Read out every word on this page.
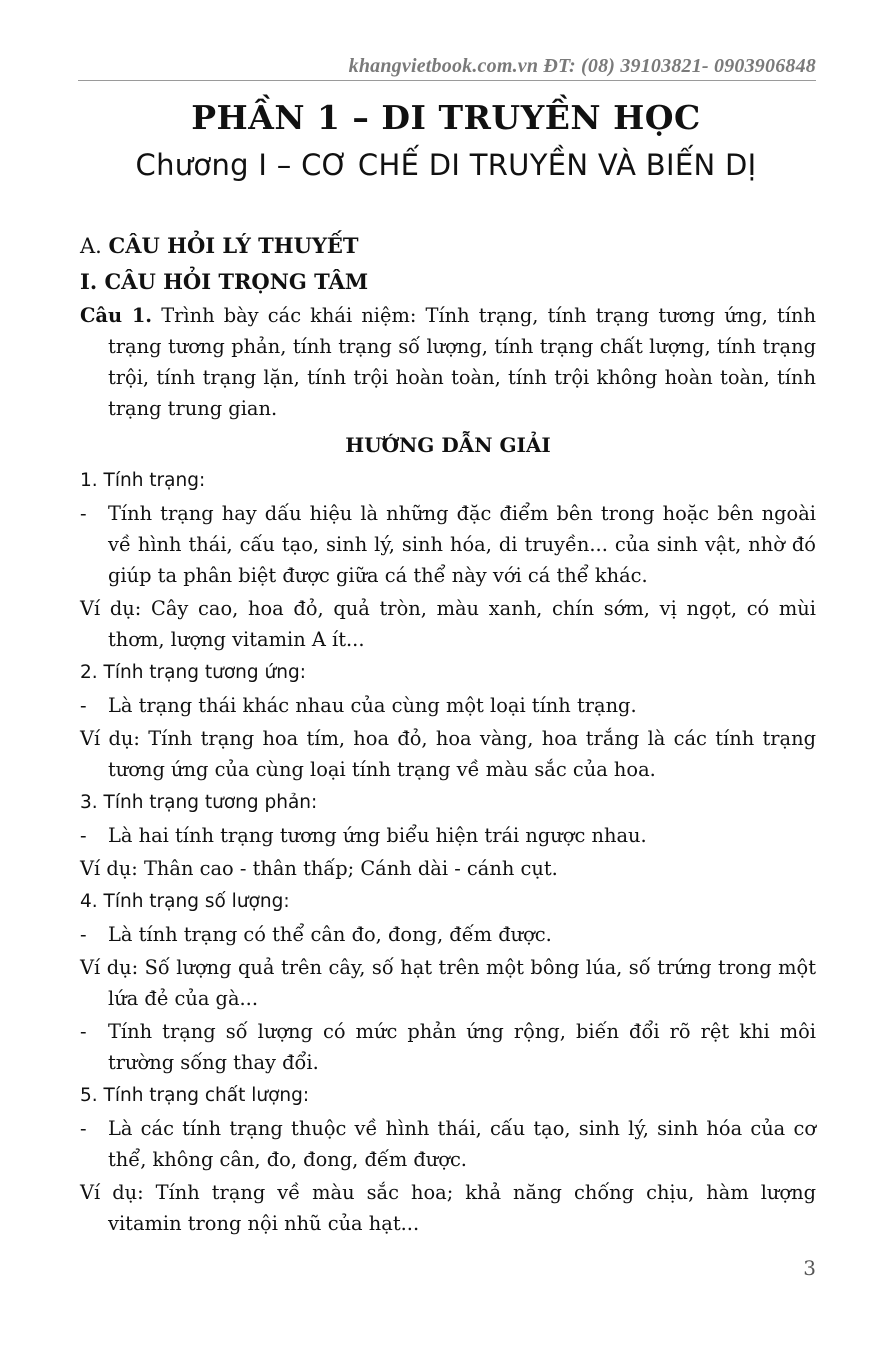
khangvietbook.com.vn ĐT: (08) 39103821- 0903906848
PHẦN 1 – DI TRUYỀN HỌC
Chương I – CƠ CHẾ DI TRUYỀN VÀ BIẾN DỊ

A. CÂU HỎI LÝ THUYẾT

I. CÂU HỎI TRỌNG TÂM

Câu 1. Trình bày các khái niệm: Tính trạng, tính trạng tương ứng, tính trạng tương phản, tính trạng số lượng, tính trạng chất lượng, tính trạng trội, tính trạng lặn, tính trội hoàn toàn, tính trội không hoàn toàn, tính trạng trung gian.

HƯỚNG DẪN GIẢI

1. Tính trạng:

- Tính trạng hay dấu hiệu là những đặc điểm bên trong hoặc bên ngoài về hình thái, cấu tạo, sinh lý, sinh hóa, di truyền... của sinh vật, nhờ đó giúp ta phân biệt được giữa cá thể này với cá thể khác.

Ví dụ: Cây cao, hoa đỏ, quả tròn, màu xanh, chín sớm, vị ngọt, có mùi thơm, lượng vitamin A ít...

2. Tính trạng tương ứng:

- Là trạng thái khác nhau của cùng một loại tính trạng.

Ví dụ: Tính trạng hoa tím, hoa đỏ, hoa vàng, hoa trắng là các tính trạng tương ứng của cùng loại tính trạng về màu sắc của hoa.

3. Tính trạng tương phản:

- Là hai tính trạng tương ứng biểu hiện trái ngược nhau.

Ví dụ: Thân cao - thân thấp; Cánh dài - cánh cụt.

4. Tính trạng số lượng:

- Là tính trạng có thể cân đo, đong, đếm được.

Ví dụ: Số lượng quả trên cây, số hạt trên một bông lúa, số trứng trong một lứa đẻ của gà...

- Tính trạng số lượng có mức phản ứng rộng, biến đổi rõ rệt khi môi trường sống thay đổi.

5. Tính trạng chất lượng:

- Là các tính trạng thuộc về hình thái, cấu tạo, sinh lý, sinh hóa của cơ thể, không cân, đo, đong, đếm được.

Ví dụ: Tính trạng về màu sắc hoa; khả năng chống chịu, hàm lượng vitamin trong nội nhũ của hạt...

3
